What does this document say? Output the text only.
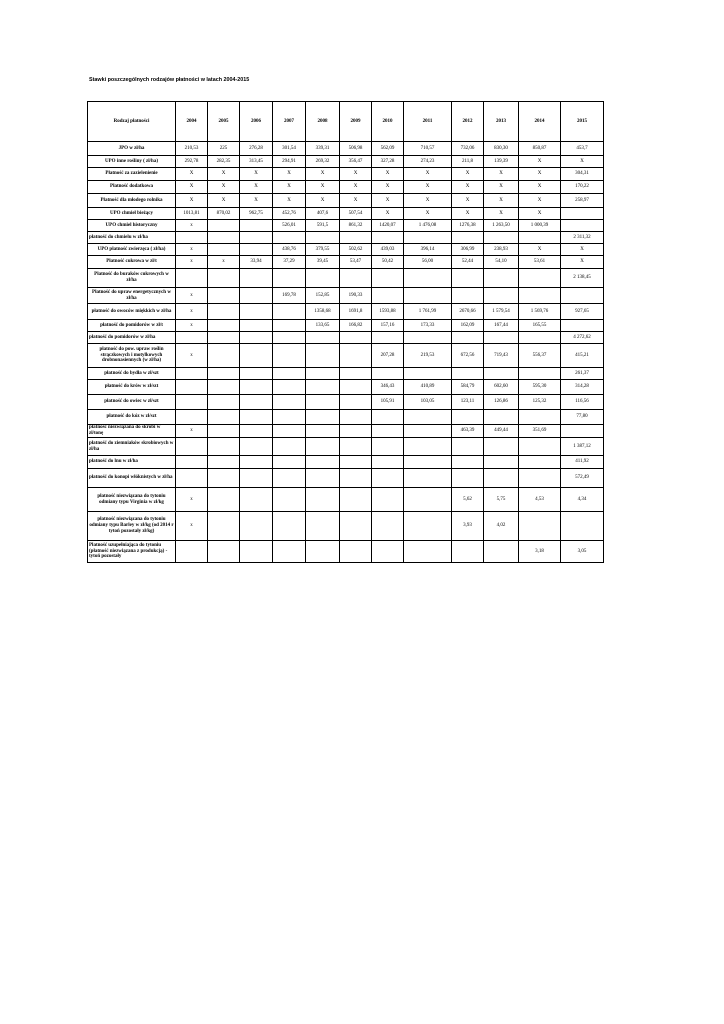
Stawki poszczególnych rodzajów płatności w latach 2004-2015
Rodzaj płatności	2004	2005	2006	2007	2008	2009	2010	2011	2012	2013	2014	2015
JPO w zł/ha	210,53	225	276,28	301,54	339,31	506,98	562,09	710,57	732,06	830,30	850,87	453,7
UPO inne rośliny ( zł/ha)	292,78	282,35	313,45	294,91	269,32	356,47	327,28	274,23	211,8	139,39	X	X
Płatność za zazielenienie	X	X	X	X	X	X	X	X	X	X	X	304,31
Płatność dodatkowa	X	X	X	X	X	X	X	X	X	X	X	170,22
Płatność dla młodego rolnika	X	X	X	X	X	X	X	X	X	X	X	258,97
UPO chmiel bieżący	1013,81	870,02	962,75	452,76	407,6	507,54	X	X	X	X	X	
UPO chmiel historyczny	x			526,01	591,5	861,32	1420,07	1 476,08	1276,38	1 263,50	1 000,39	
płatność do chmielu w zł/ha												2 311,32
UPO płatność zwierzęca ( zł/ha)	x			438,76	379,55	502,62	439,03	396,14	306,99	238,93	X	X
Płatność cukrowa w zł/t	x	x	33,94	37,29	39,45	53,47	50,42	56,00	52,44	54,10	53,61	X
Płatność do buraków cukrowych w zł/ha												2 138,45
Płatność do upraw energetycznych w zł/ha	x			169,78	152,85	190,33						
płatność do owoców miękkich w zł/ha	x				1358,68	1691,8	1593,88	1 761,99	2670,66	1 579,54	1 569,76	927,65
płatność do pomidorów w zł/t	x				133,65	166,82	157,16	173,33	162,09	167,44	165,55	
płatność do pomidorów w zł/ha												4 272,62
płatność do pow. upraw roślin strączkowych i motylkowych drobnonasiennych (w zł/ha)	x						207,28	219,53	672,56	719,43	556,37	415,21
płatność do bydła w zł/szt												261,37
płatność do krów w zł/szt							346,43	410,89	584,79	602,60	595,30	314,28
płatność do owiec w zł/szt							105,91	103,05	123,11	126,86	125,32	116,56
płatność do kóz w zł/szt												77,80
płatność niezwiązana do skrobi w zł/tonę	x								463,39	449,44	351,69	
płatność do ziemniaków skrobiowych w zł/ha												1 387,12
płatność do lnu w zł/ha												411,92
płatność do konopi włóknistych w zł/ha												572,49
płatność niezwiązana do tytoniu odmiany typu Virginia w zł/kg	x								5,62	5,75	4,53	4,34
płatność niezwiązana do tytoniu odmiany typu Barley w zł/kg (od 2014 r tytoń pozostały zł/kg)	x								3,93	4,02		
Płatność uzupełniająca do tytoniu (płatność niezwiązana z produkcją) - tytoń pozostały											3,18	3,05
